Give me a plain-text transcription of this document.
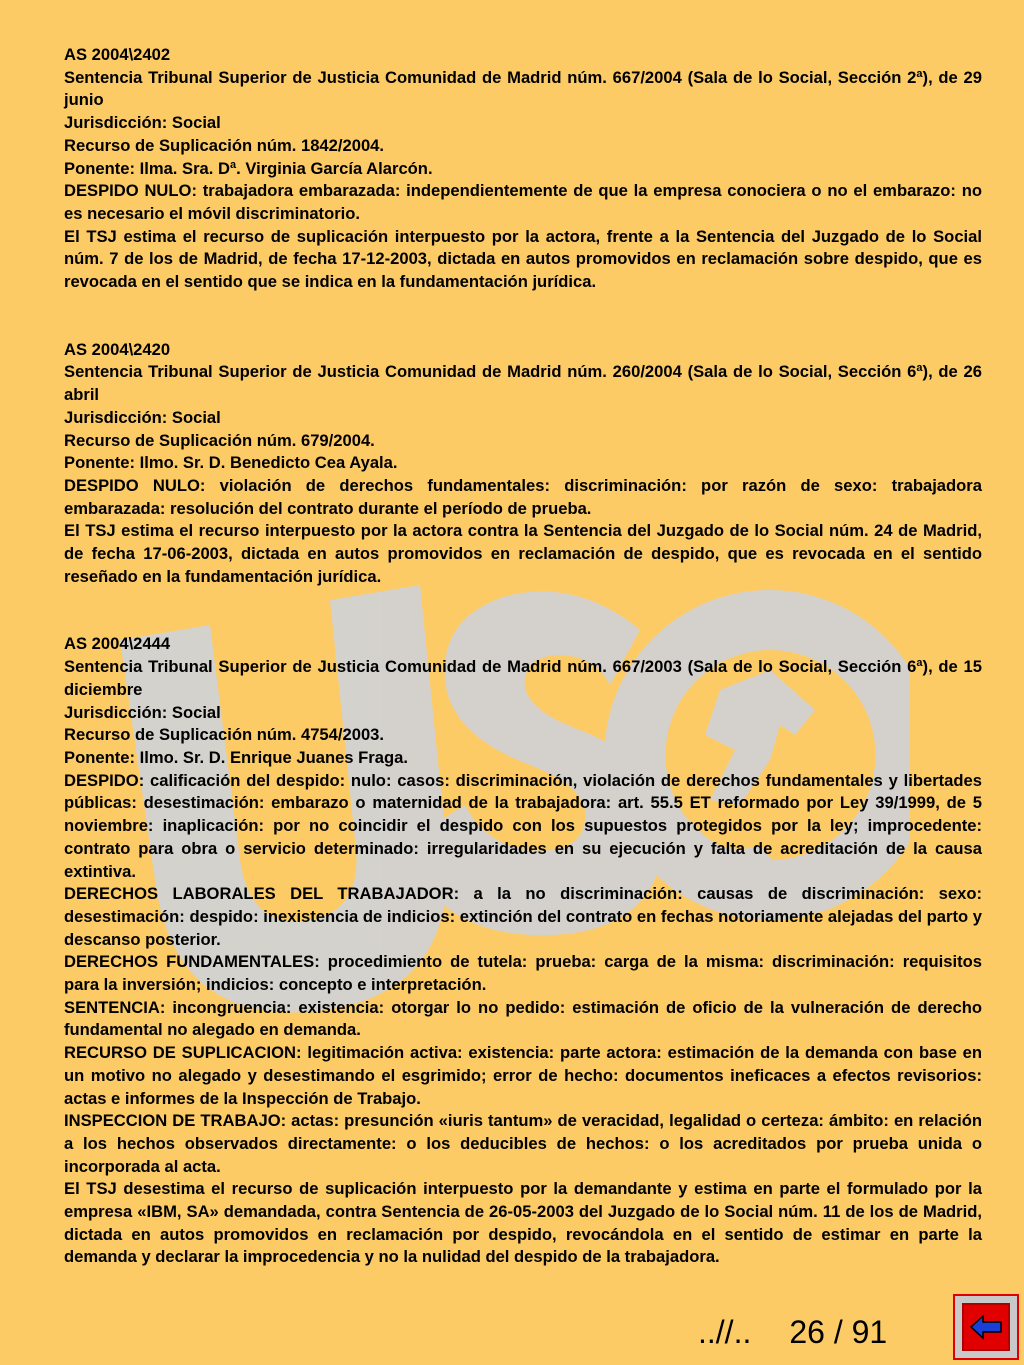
AS 2004\2402

Sentencia Tribunal Superior de Justicia Comunidad de Madrid núm. 667/2004 (Sala de lo Social, Sección 2ª), de 29 junio

Jurisdicción: Social

Recurso de Suplicación núm. 1842/2004.

Ponente: Ilma. Sra. Dª. Virginia García Alarcón.

DESPIDO NULO: trabajadora embarazada: independientemente de que la empresa conociera o no el embarazo: no es necesario el móvil discriminatorio.

El TSJ estima el recurso de suplicación interpuesto por la actora, frente a la Sentencia del Juzgado de lo Social núm. 7 de los de Madrid, de fecha 17-12-2003, dictada en autos promovidos en reclamación sobre despido, que es revocada en el sentido que se indica en la fundamentación jurídica.

AS 2004\2420

Sentencia Tribunal Superior de Justicia Comunidad de Madrid núm. 260/2004 (Sala de lo Social, Sección 6ª), de 26 abril

Jurisdicción: Social

Recurso de Suplicación núm. 679/2004.

Ponente: Ilmo. Sr. D. Benedicto Cea Ayala.

DESPIDO NULO: violación de derechos fundamentales: discriminación: por razón de sexo: trabajadora embarazada: resolución del contrato durante el período de prueba.

El TSJ estima el recurso interpuesto por la actora contra la Sentencia del Juzgado de lo Social núm. 24 de Madrid, de fecha 17-06-2003, dictada en autos promovidos en reclamación de despido, que es revocada en el sentido reseñado en la fundamentación jurídica.

AS 2004\2444

Sentencia Tribunal Superior de Justicia Comunidad de Madrid núm. 667/2003 (Sala de lo Social, Sección 6ª), de 15 diciembre

Jurisdicción: Social

Recurso de Suplicación núm. 4754/2003.

Ponente: Ilmo. Sr. D. Enrique Juanes Fraga.

DESPIDO: calificación del despido: nulo: casos: discriminación, violación de derechos fundamentales y libertades públicas: desestimación: embarazo o maternidad de la trabajadora: art. 55.5 ET reformado por Ley 39/1999, de 5 noviembre: inaplicación: por no coincidir el despido con los supuestos protegidos por la ley; improcedente: contrato para obra o servicio determinado: irregularidades en su ejecución y falta de acreditación de la causa extintiva.

DERECHOS LABORALES DEL TRABAJADOR: a la no discriminación: causas de discriminación: sexo: desestimación: despido: inexistencia de indicios: extinción del contrato en fechas notoriamente alejadas del parto y descanso posterior.

DERECHOS FUNDAMENTALES: procedimiento de tutela: prueba: carga de la misma: discriminación: requisitos para la inversión; indicios: concepto e interpretación.

SENTENCIA: incongruencia: existencia: otorgar lo no pedido: estimación de oficio de la vulneración de derecho fundamental no alegado en demanda.

RECURSO DE SUPLICACION: legitimación activa: existencia: parte actora: estimación de la demanda con base en un motivo no alegado y desestimando el esgrimido; error de hecho: documentos ineficaces a efectos revisorios: actas e informes de la Inspección de Trabajo.

INSPECCION DE TRABAJO: actas: presunción «iuris tantum» de veracidad, legalidad o certeza: ámbito: en relación a los hechos observados directamente: o los deducibles de hechos: o los acreditados por prueba unida o incorporada al acta.

El TSJ desestima el recurso de suplicación interpuesto por la demandante y estima en parte el formulado por la empresa «IBM, SA» demandada, contra Sentencia de 26-05-2003 del Juzgado de lo Social núm. 11 de los de Madrid, dictada en autos promovidos en reclamación por despido, revocándola en el sentido de estimar en parte la demanda y declarar la improcedencia y no la nulidad del despido de la trabajadora.

..//.. 26 / 91
